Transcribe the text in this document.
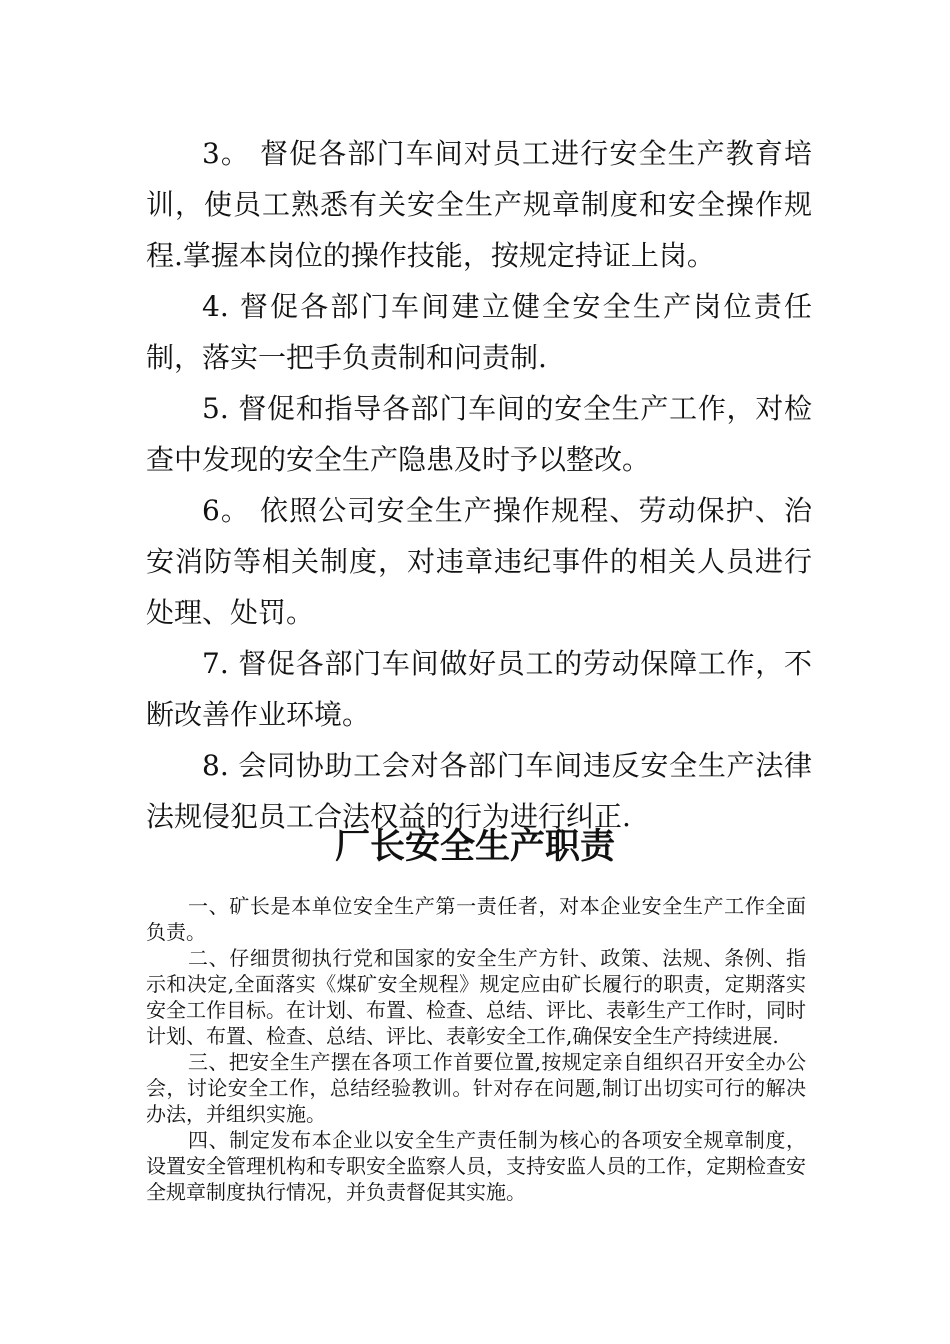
3。 督促各部门车间对员工进行安全生产教育培训，使员工熟悉有关安全生产规章制度和安全操作规程.掌握本岗位的操作技能，按规定持证上岗。

4. 督促各部门车间建立健全安全生产岗位责任制，落实一把手负责制和问责制.

5. 督促和指导各部门车间的安全生产工作，对检查中发现的安全生产隐患及时予以整改。

6。 依照公司安全生产操作规程、劳动保护、治安消防等相关制度，对违章违纪事件的相关人员进行处理、处罚。

7. 督促各部门车间做好员工的劳动保障工作，不断改善作业环境。

8. 会同协助工会对各部门车间违反安全生产法律法规侵犯员工合法权益的行为进行纠正.

厂长安全生产职责

一、矿长是本单位安全生产第一责任者，对本企业安全生产工作全面负责。

二、仔细贯彻执行党和国家的安全生产方针、政策、法规、条例、指示和决定,全面落实《煤矿安全规程》规定应由矿长履行的职责，定期落实安全工作目标。在计划、布置、检查、总结、评比、表彰生产工作时，同时计划、布置、检查、总结、评比、表彰安全工作,确保安全生产持续进展.

三、把安全生产摆在各项工作首要位置,按规定亲自组织召开安全办公会，讨论安全工作，总结经验教训。针对存在问题,制订出切实可行的解决办法，并组织实施。

四、制定发布本企业以安全生产责任制为核心的各项安全规章制度，设置安全管理机构和专职安全监察人员，支持安监人员的工作，定期检查安全规章制度执行情况，并负责督促其实施。
